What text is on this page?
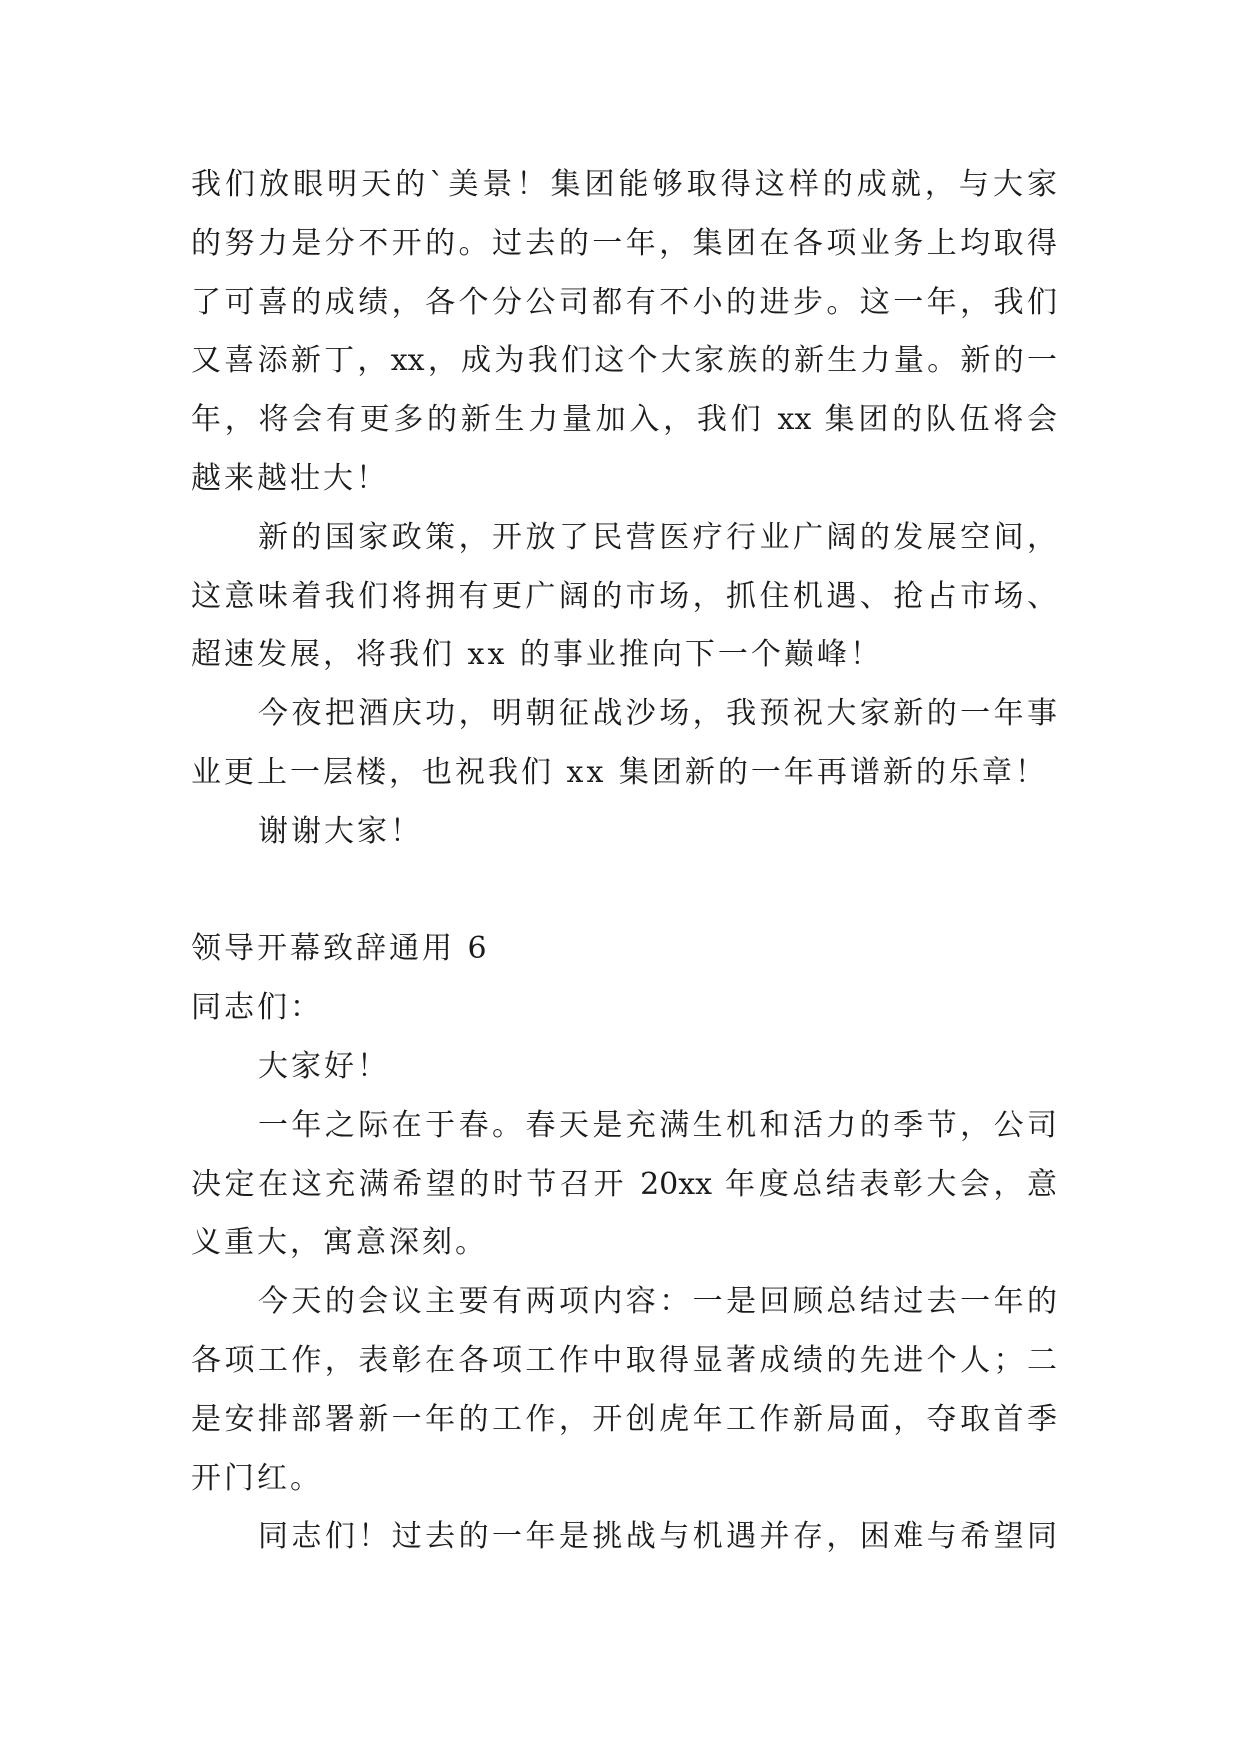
我们放眼明天的`美景！集团能够取得这样的成就，与大家
的努力是分不开的。过去的一年，集团在各项业务上均取得
了可喜的成绩，各个分公司都有不小的进步。这一年，我们
又喜添新丁，xx，成为我们这个大家族的新生力量。新的一
年，将会有更多的新生力量加入，我们 xx 集团的队伍将会
越来越壮大！
新的国家政策，开放了民营医疗行业广阔的发展空间，
这意味着我们将拥有更广阔的市场，抓住机遇、抢占市场、
超速发展，将我们 xx 的事业推向下一个巅峰！
今夜把酒庆功，明朝征战沙场，我预祝大家新的一年事
业更上一层楼，也祝我们 xx 集团新的一年再谱新的乐章！
谢谢大家！
领导开幕致辞通用 6
同志们：
大家好！
一年之际在于春。春天是充满生机和活力的季节，公司
决定在这充满希望的时节召开 20xx 年度总结表彰大会，意
义重大，寓意深刻。
今天的会议主要有两项内容：一是回顾总结过去一年的
各项工作，表彰在各项工作中取得显著成绩的先进个人；二
是安排部署新一年的工作，开创虎年工作新局面，夺取首季
开门红。
同志们！过去的一年是挑战与机遇并存，困难与希望同
